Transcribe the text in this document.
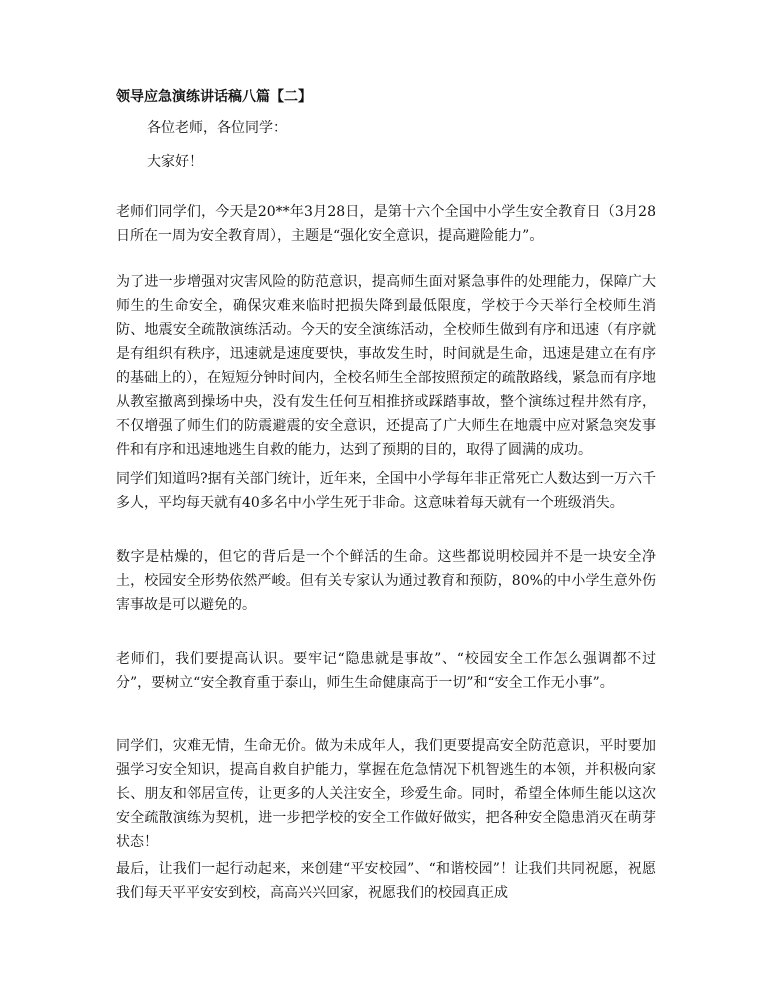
领导应急演练讲话稿八篇【二】
各位老师，各位同学：
大家好！

老师们同学们，今天是20**年3月28日，是第十六个全国中小学生安全教育日（3月28日所在一周为安全教育周），主题是“强化安全意识，提高避险能力”。

为了进一步增强对灾害风险的防范意识，提高师生面对紧急事件的处理能力，保障广大师生的生命安全，确保灾难来临时把损失降到最低限度，学校于今天举行全校师生消防、地震安全疏散演练活动。今天的安全演练活动，全校师生做到有序和迅速（有序就是有组织有秩序，迅速就是速度要快，事故发生时，时间就是生命，迅速是建立在有序的基础上的），在短短分钟时间内，全校名师生全部按照预定的疏散路线，紧急而有序地从教室撤离到操场中央，没有发生任何互相推挤或踩踏事故，整个演练过程井然有序，不仅增强了师生们的防震避震的安全意识，还提高了广大师生在地震中应对紧急突发事件和有序和迅速地逃生自救的能力，达到了预期的目的，取得了圆满的成功。

同学们知道吗?据有关部门统计，近年来，全国中小学每年非正常死亡人数达到一万六千多人，平均每天就有40多名中小学生死于非命。这意味着每天就有一个班级消失。

数字是枯燥的，但它的背后是一个个鲜活的生命。这些都说明校园并不是一块安全净土，校园安全形势依然严峻。但有关专家认为通过教育和预防，80%的中小学生意外伤害事故是可以避免的。

老师们，我们要提高认识。要牢记“隐患就是事故”、“校园安全工作怎么强调都不过分”，要树立“安全教育重于泰山，师生生命健康高于一切”和“安全工作无小事”。

同学们，灾难无情，生命无价。做为未成年人，我们更要提高安全防范意识，平时要加强学习安全知识，提高自救自护能力，掌握在危急情况下机智逃生的本领，并积极向家长、朋友和邻居宣传，让更多的人关注安全，珍爱生命。同时，希望全体师生能以这次安全疏散演练为契机，进一步把学校的安全工作做好做实，把各种安全隐患消灭在萌芽状态！

最后，让我们一起行动起来，来创建“平安校园”、“和谐校园”！让我们共同祝愿，祝愿我们每天平平安安到校，高高兴兴回家，祝愿我们的校园真正成
